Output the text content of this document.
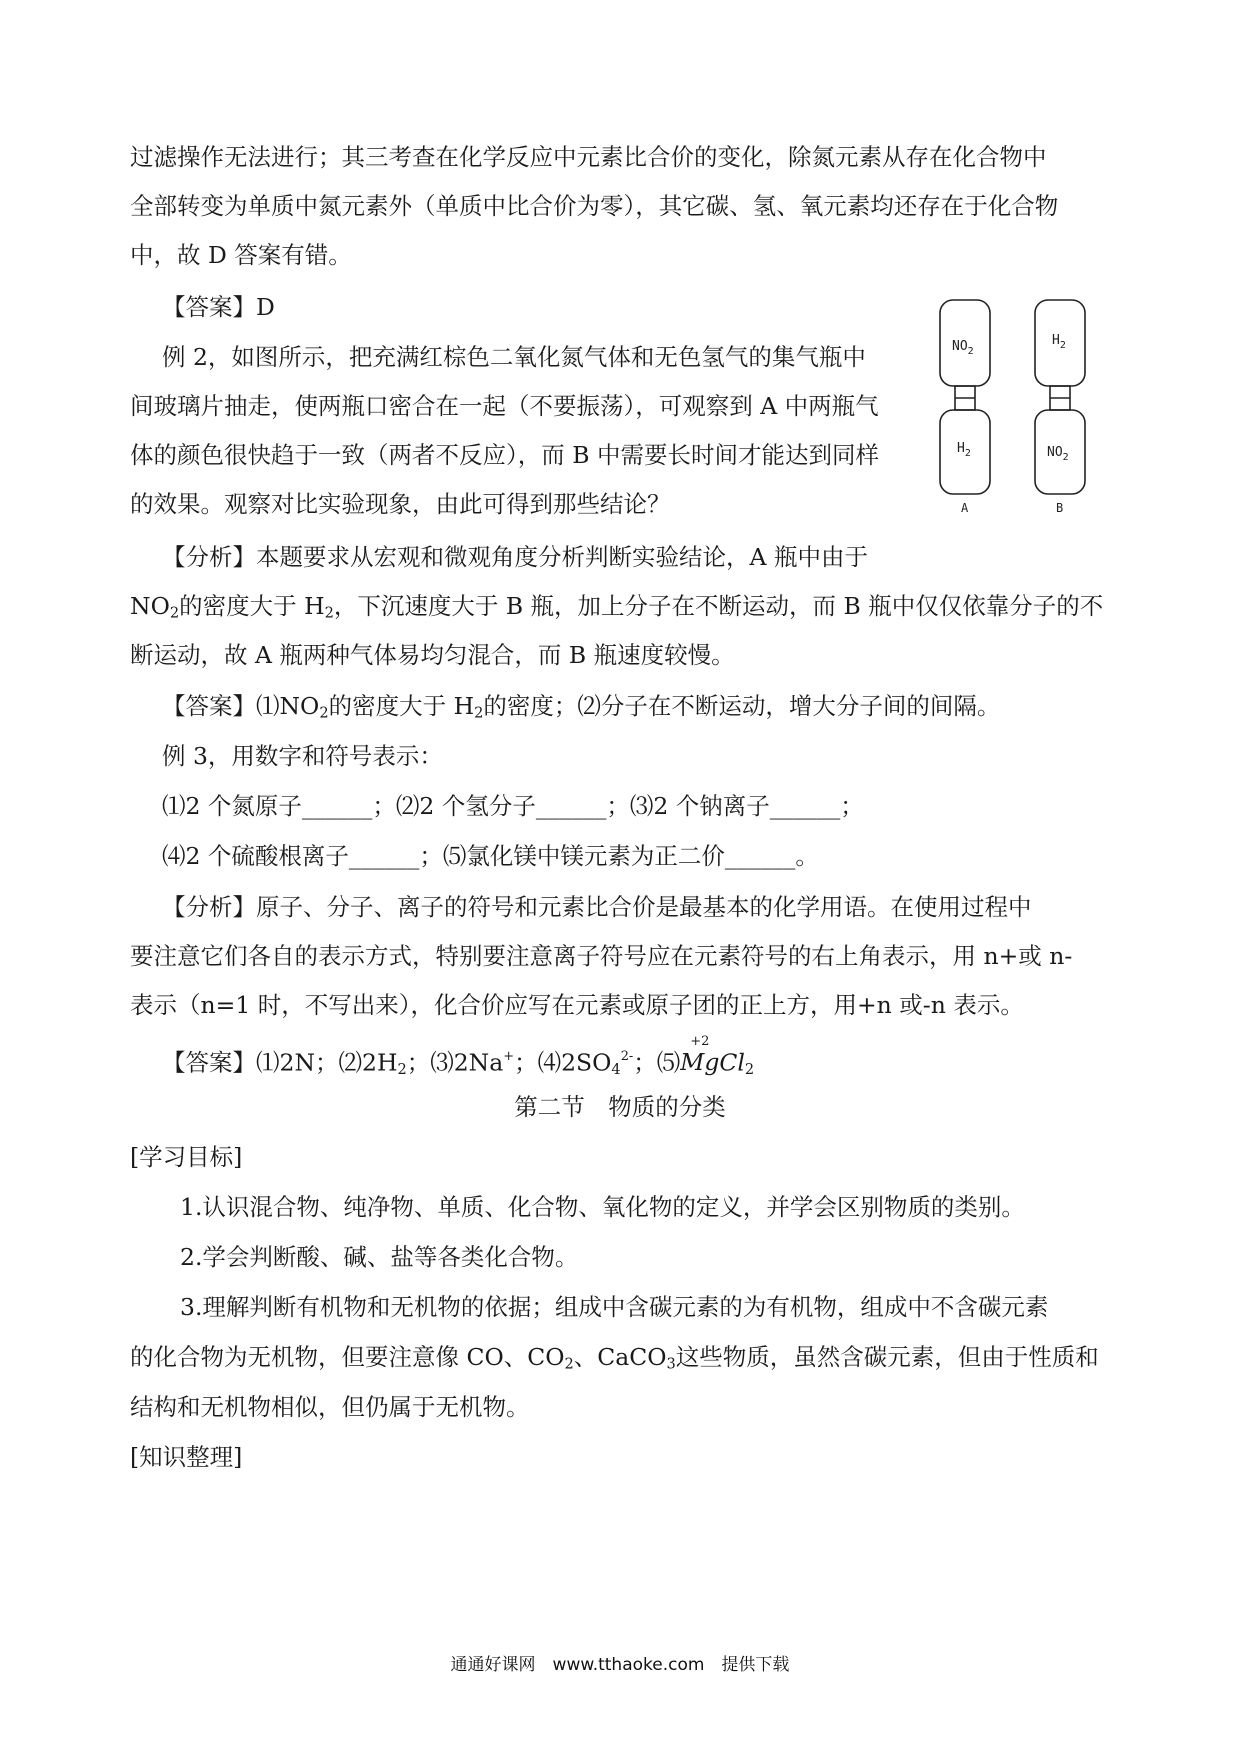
过滤操作无法进行；其三考查在化学反应中元素比合价的变化，除氮元素从存在化合物中
全部转变为单质中氮元素外（单质中比合价为零），其它碳、氢、氧元素均还存在于化合物
中，故 D 答案有错。
【答案】D
例 2，如图所示，把充满红棕色二氧化氮气体和无色氢气的集气瓶中
间玻璃片抽走，使两瓶口密合在一起（不要振荡），可观察到 A 中两瓶气
体的颜色很快趋于一致（两者不反应），而 B 中需要长时间才能达到同样
的效果。观察对比实验现象，由此可得到那些结论？
$NO_2$
$H_2$
$H_2$
$NO_2$
A	B
【分析】本题要求从宏观和微观角度分析判断实验结论，A 瓶中由于
$NO_2$的密度大于 $H_2$，下沉速度大于 B 瓶，加上分子在不断运动，而 B 瓶中仅仅依靠分子的不
断运动，故 A 瓶两种气体易均匀混合，而 B 瓶速度较慢。
【答案】$⑴NO_2$的密度大于 $H_2$的密度；⑵分子在不断运动，增大分子间的间隔。
例 3，用数字和符号表示：
⑴2 个氮原子______；⑵2 个氢分子______；⑶2 个钠离子______；
⑷2 个硫酸根离子______；⑸氯化镁中镁元素为正二价______。
【分析】原子、分子、离子的符号和元素比合价是最基本的化学用语。在使用过程中
要注意它们各自的表示方式，特别要注意离子符号应在元素符号的右上角表示，用 n+或 n-
表示（n=1 时，不写出来），化合价应写在元素或原子团的正上方，用+n 或-n 表示。
【答案】⑴2N；$⑵2H_2$；⑶2Na+；$⑷2SO_4^{2-}$；⑸
+2
MgCl$_2$
第二节　物质的分类
[学习目标]
1.认识混合物、纯净物、单质、化合物、氧化物的定义，并学会区别物质的类别。
2.学会判断酸、碱、盐等各类化合物。
3.理解判断有机物和无机物的依据；组成中含碳元素的为有机物，组成中不含碳元素
的化合物为无机物，但要注意像 CO、$CO_2$、CaCO$_3$这些物质，虽然含碳元素，但由于性质和
结构和无机物相似，但仍属于无机物。
[知识整理]
通通好课网　www.tthaoke.com　提供下载
